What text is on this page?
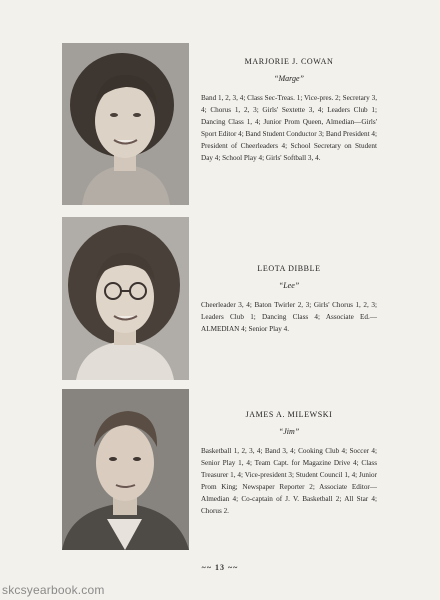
MARJORIE J. COWAN
“Marge”
Band 1, 2, 3, 4; Class Sec-Treas. 1; Vice-pres. 2; Secretary 3, 4; Chorus 1, 2, 3; Girls' Sextette 3, 4; Leaders Club 1; Dancing Class 1, 4; Junior Prom Queen, Almedian—Girls' Sport Editor 4; Band Student Conductor 3; Band President 4; President of Cheerleaders 4; School Secretary on Student Day 4; School Play 4; Girls' Softball 3, 4.
LEOTA DIBBLE
“Lee”
Cheerleader 3, 4; Baton Twirler 2, 3; Girls' Chorus 1, 2, 3; Leaders Club 1; Dancing Class 4; Associate Ed.—ALMEDIAN 4; Senior Play 4.
JAMES A. MILEWSKI
“Jim”
Basketball 1, 2, 3, 4; Band 3, 4; Cooking Club 4; Soccer 4; Senior Play 1, 4; Team Capt. for Magazine Drive 4; Class Treasurer 1, 4; Vice-president 3; Student Council 1, 4; Junior Prom King; Newspaper Reporter 2; Associate Editor—Almedian 4; Co-captain of J. V. Basketball 2; All Star 4; Chorus 2.
~~ 13 ~~
skcsyearbook.com
